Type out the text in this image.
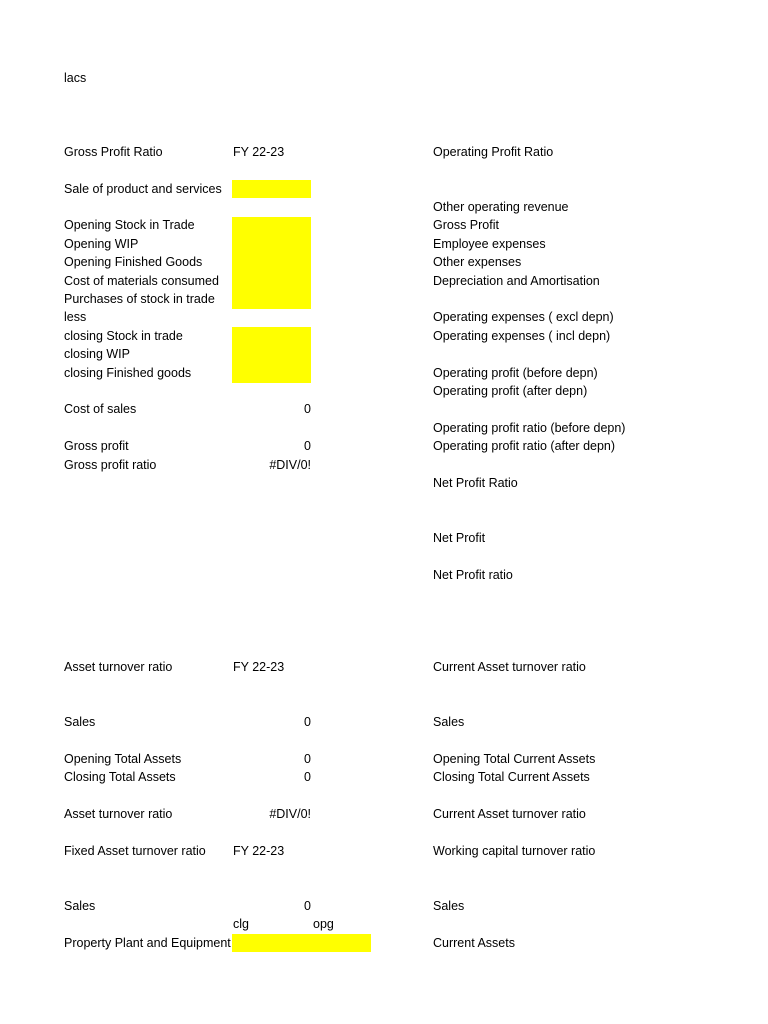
lacs
Gross Profit Ratio	FY 22-23
Sale of product and services
Opening Stock in Trade
Opening WIP
Opening Finished Goods
Cost of materials consumed
Purchases of stock in trade
less
closing Stock in trade
closing WIP
closing Finished goods
Cost of sales	0
Gross profit	0
Gross profit ratio	#DIV/0!
Operating Profit Ratio
Other operating revenue
Gross Profit
Employee expenses
Other expenses
Depreciation and Amortisation
Operating expenses ( excl depn)
Operating expenses ( incl depn)
Operating profit (before depn)
Operating profit (after depn)
Operating profit ratio (before depn)
Operating profit ratio (after depn)
Net Profit Ratio
Net Profit
Net Profit ratio
Asset turnover ratio	FY 22-23
Sales	0
Opening Total Assets	0
Closing Total Assets	0
Asset turnover ratio	#DIV/0!
Current Asset turnover ratio
Sales
Opening Total Current Assets
Closing Total Current Assets
Current Asset turnover ratio
Fixed Asset turnover ratio FY 22-23
Sales	0
clg	opg
Property Plant and Equipment
Working capital turnover ratio
Sales
Current Assets
